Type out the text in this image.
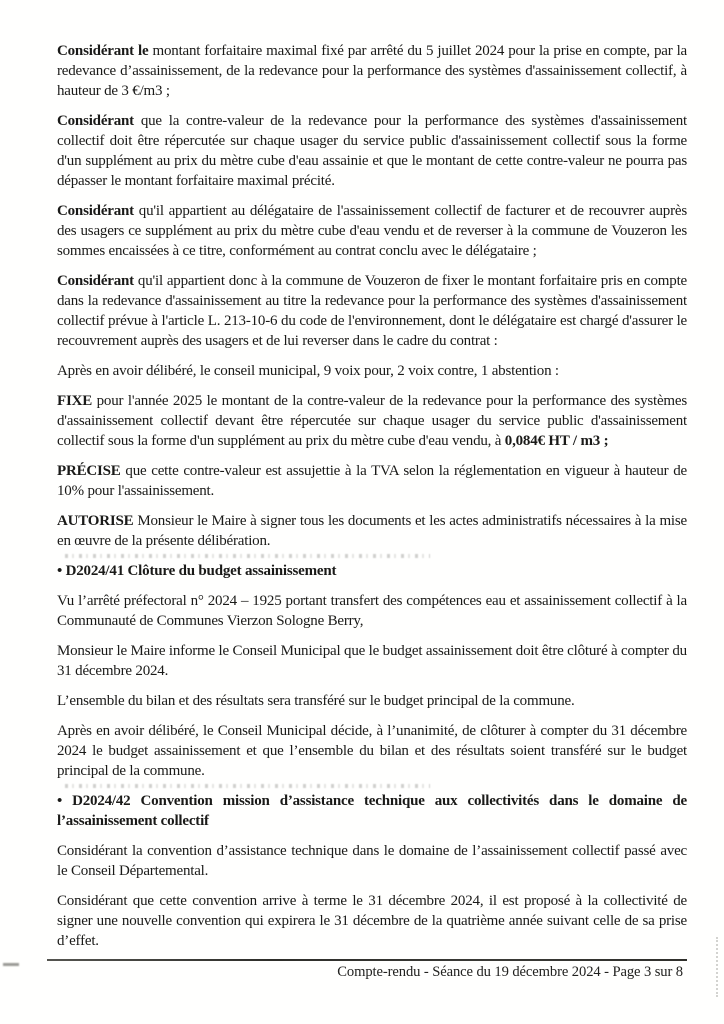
Considérant le montant forfaitaire maximal fixé par arrêté du 5 juillet 2024 pour la prise en compte, par la redevance d’assainissement, de la redevance pour la performance des systèmes d'assainissement collectif, à hauteur de 3 €/m3 ;

Considérant que la contre-valeur de la redevance pour la performance des systèmes d'assainissement collectif doit être répercutée sur chaque usager du service public d'assainissement collectif sous la forme d'un supplément au prix du mètre cube d'eau assainie et que le montant de cette contre-valeur ne pourra pas dépasser le montant forfaitaire maximal précité.

Considérant qu'il appartient au délégataire de l'assainissement collectif de facturer et de recouvrer auprès des usagers ce supplément au prix du mètre cube d'eau vendu et de reverser à la commune de Vouzeron les sommes encaissées à ce titre, conformément au contrat conclu avec le délégataire ;

Considérant qu'il appartient donc à la commune de Vouzeron de fixer le montant forfaitaire pris en compte dans la redevance d'assainissement au titre la redevance pour la performance des systèmes d'assainissement collectif prévue à l'article L. 213-10-6 du code de l'environnement, dont le délégataire est chargé d'assurer le recouvrement auprès des usagers et de lui reverser dans le cadre du contrat :

Après en avoir délibéré, le conseil municipal, 9 voix pour, 2 voix contre, 1 abstention :

FIXE pour l'année 2025 le montant de la contre-valeur de la redevance pour la performance des systèmes d'assainissement collectif devant être répercutée sur chaque usager du service public d'assainissement collectif sous la forme d'un supplément au prix du mètre cube d'eau vendu, à 0,084€ HT / m3 ;

PRÉCISE que cette contre-valeur est assujettie à la TVA selon la réglementation en vigueur à hauteur de 10% pour l'assainissement.

AUTORISE Monsieur le Maire à signer tous les documents et les actes administratifs nécessaires à la mise en œuvre de la présente délibération.

• D2024/41 Clôture du budget assainissement

Vu l’arrêté préfectoral n° 2024 – 1925 portant transfert des compétences eau et assainissement collectif à la Communauté de Communes Vierzon Sologne Berry,

Monsieur le Maire informe le Conseil Municipal que le budget assainissement doit être clôturé à compter du 31 décembre 2024.

L’ensemble du bilan et des résultats sera transféré sur le budget principal de la commune.

Après en avoir délibéré, le Conseil Municipal décide, à l’unanimité, de clôturer à compter du 31 décembre 2024 le budget assainissement et que l’ensemble du bilan et des résultats soient transféré sur le budget principal de la commune.

• D2024/42 Convention mission d’assistance technique aux collectivités dans le domaine de l’assainissement collectif

Considérant la convention d’assistance technique dans le domaine de l’assainissement collectif passé avec le Conseil Départemental.

Considérant que cette convention arrive à terme le 31 décembre 2024, il est proposé à la collectivité de signer une nouvelle convention qui expirera le 31 décembre de la quatrième année suivant celle de sa prise d’effet.

Compte-rendu - Séance du 19 décembre 2024 - Page 3 sur 8
